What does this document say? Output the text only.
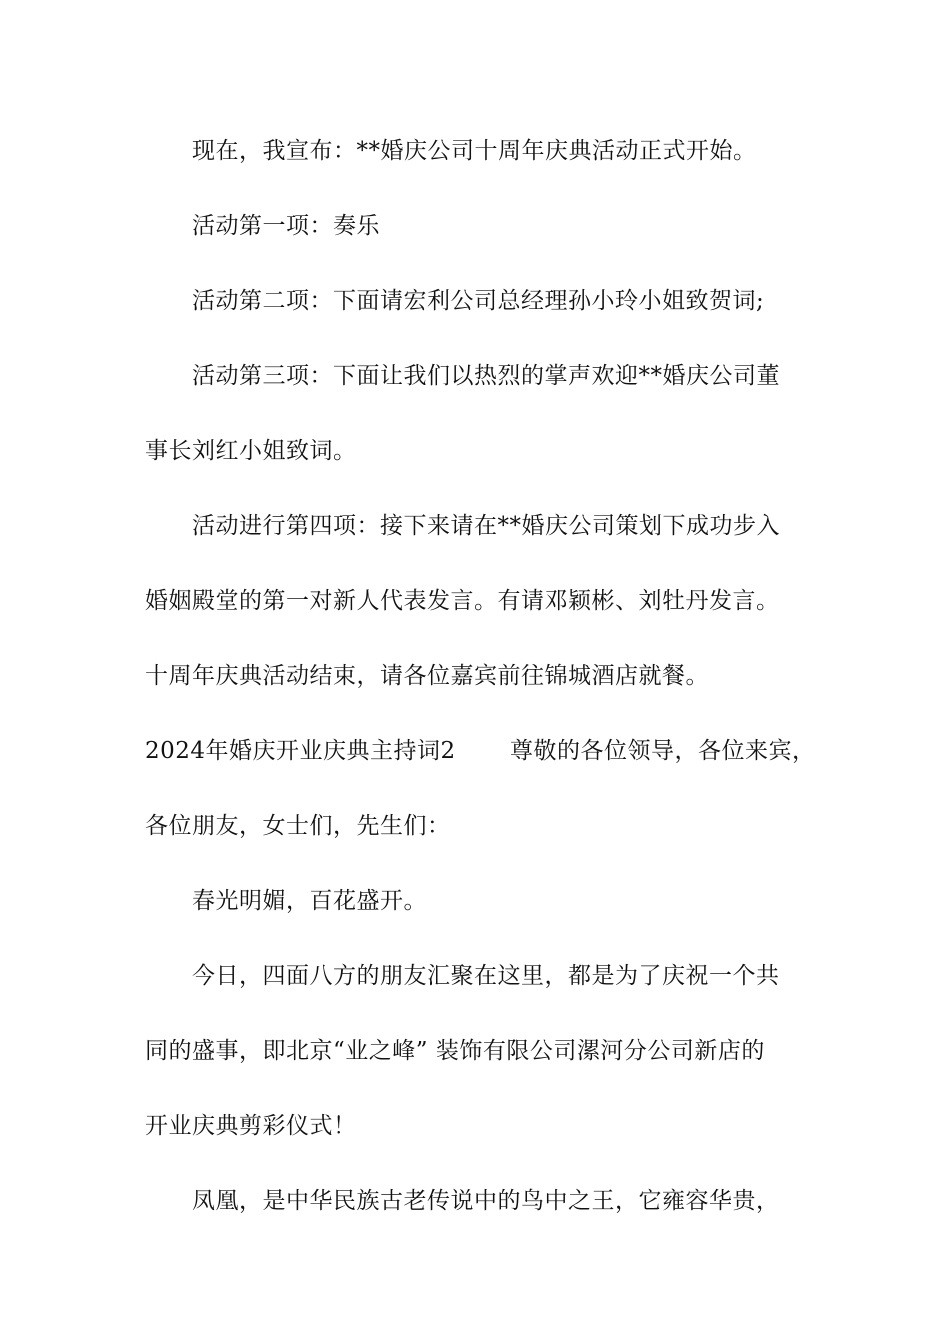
现在，我宣布：**婚庆公司十周年庆典活动正式开始。
活动第一项：奏乐
活动第二项：下面请宏利公司总经理孙小玲小姐致贺词;
活动第三项：下面让我们以热烈的掌声欢迎**婚庆公司董
事长刘红小姐致词。
活动进行第四项：接下来请在**婚庆公司策划下成功步入
婚姻殿堂的第一对新人代表发言。有请邓颖彬、刘牡丹发言。
十周年庆典活动结束，请各位嘉宾前往锦城酒店就餐。
2024年婚庆开业庆典主持词2 尊敬的各位领导，各位来宾，
各位朋友，女士们，先生们：
春光明媚，百花盛开。
今日，四面八方的朋友汇聚在这里，都是为了庆祝一个共
同的盛事，即北京“业之峰” 装饰有限公司漯河分公司新店的
开业庆典剪彩仪式！
凤凰，是中华民族古老传说中的鸟中之王，它雍容华贵，
